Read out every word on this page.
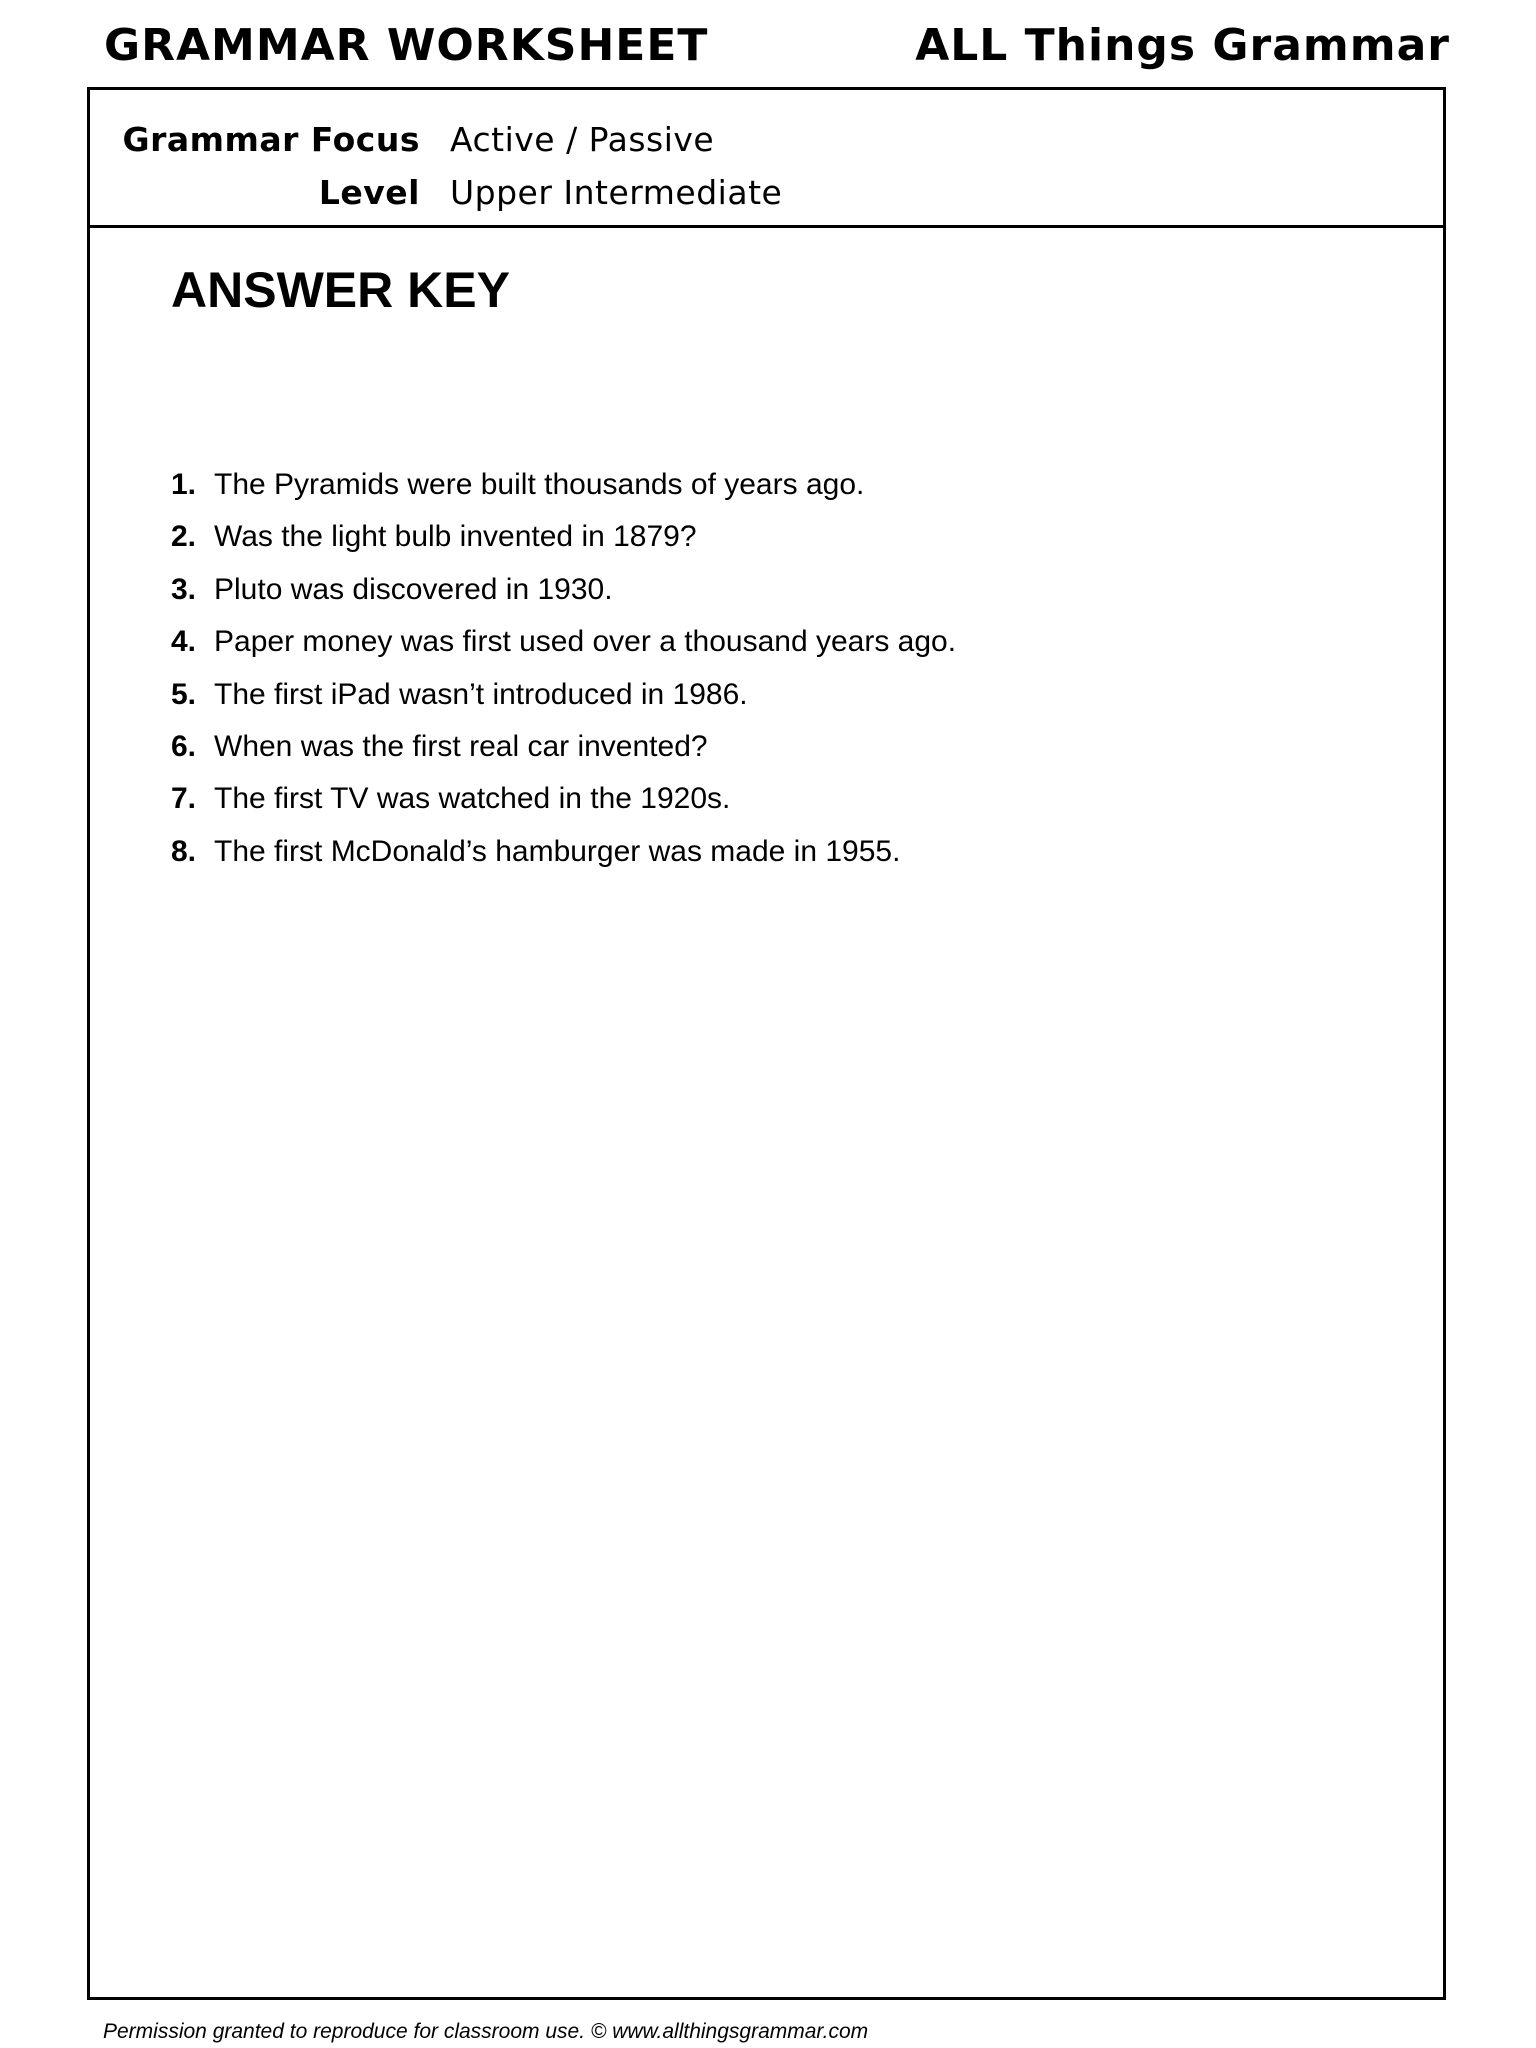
GRAMMAR WORKSHEET	ALL Things Grammar
Grammar Focus Active / Passive
Level Upper Intermediate
ANSWER KEY
1. The Pyramids were built thousands of years ago.
2. Was the light bulb invented in 1879?
3. Pluto was discovered in 1930.
4. Paper money was first used over a thousand years ago.
5. The first iPad wasn’t introduced in 1986.
6. When was the first real car invented?
7. The first TV was watched in the 1920s.
8. The first McDonald’s hamburger was made in 1955.
Permission granted to reproduce for classroom use. © www.allthingsgrammar.com
